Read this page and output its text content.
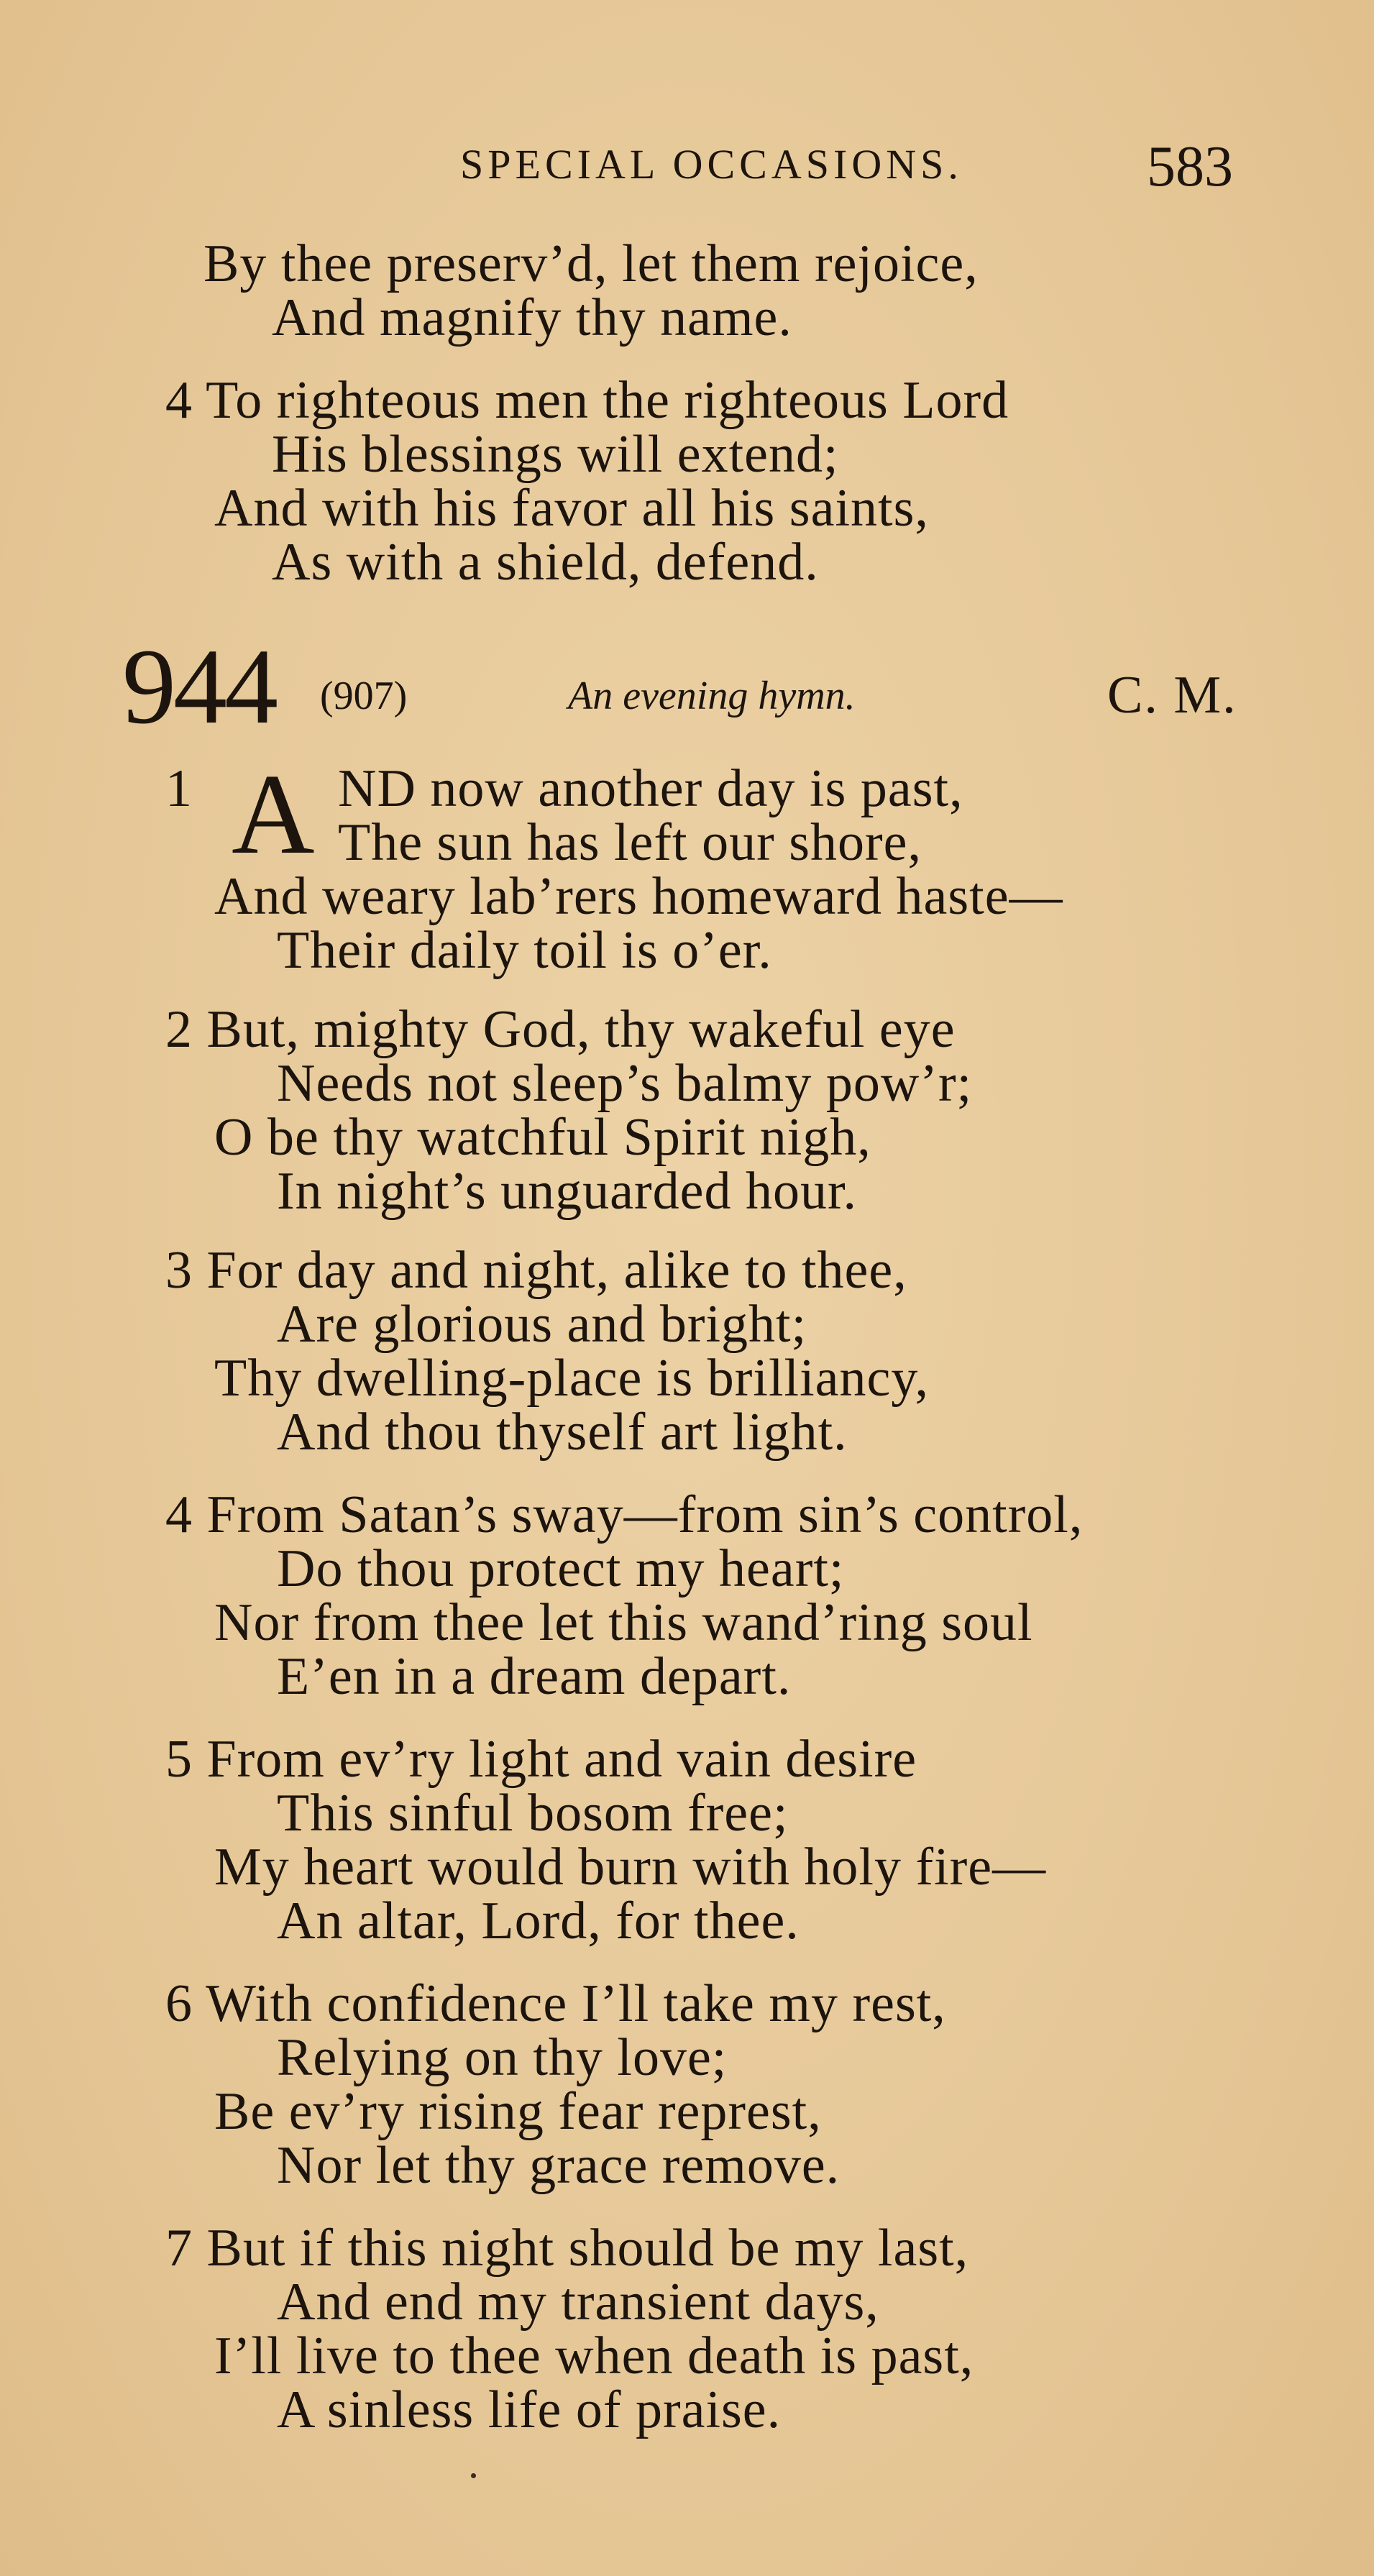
SPECIAL OCCASIONS.	583
By thee preserv’d, let them rejoice,
And magnify thy name.
4 To righteous men the righteous Lord
His blessings will extend;
And with his favor all his saints,
As with a shield, defend.
944 (907)	An evening hymn.	C. M.
1 A ND now another day is past,
The sun has left our shore,
And weary lab’rers homeward haste—
Their daily toil is o’er.
2 But, mighty God, thy wakeful eye
Needs not sleep’s balmy pow’r;
O be thy watchful Spirit nigh,
In night’s unguarded hour.
3 For day and night, alike to thee,
Are glorious and bright;
Thy dwelling-place is brilliancy,
And thou thyself art light.
4 From Satan’s sway—from sin’s control,
Do thou protect my heart;
Nor from thee let this wand’ring soul
E’en in a dream depart.
5 From ev’ry light and vain desire
This sinful bosom free;
My heart would burn with holy fire—
An altar, Lord, for thee.
6 With confidence I’ll take my rest,
Relying on thy love;
Be ev’ry rising fear represt,
Nor let thy grace remove.
7 But if this night should be my last,
And end my transient days,
I’ll live to thee when death is past,
A sinless life of praise.
